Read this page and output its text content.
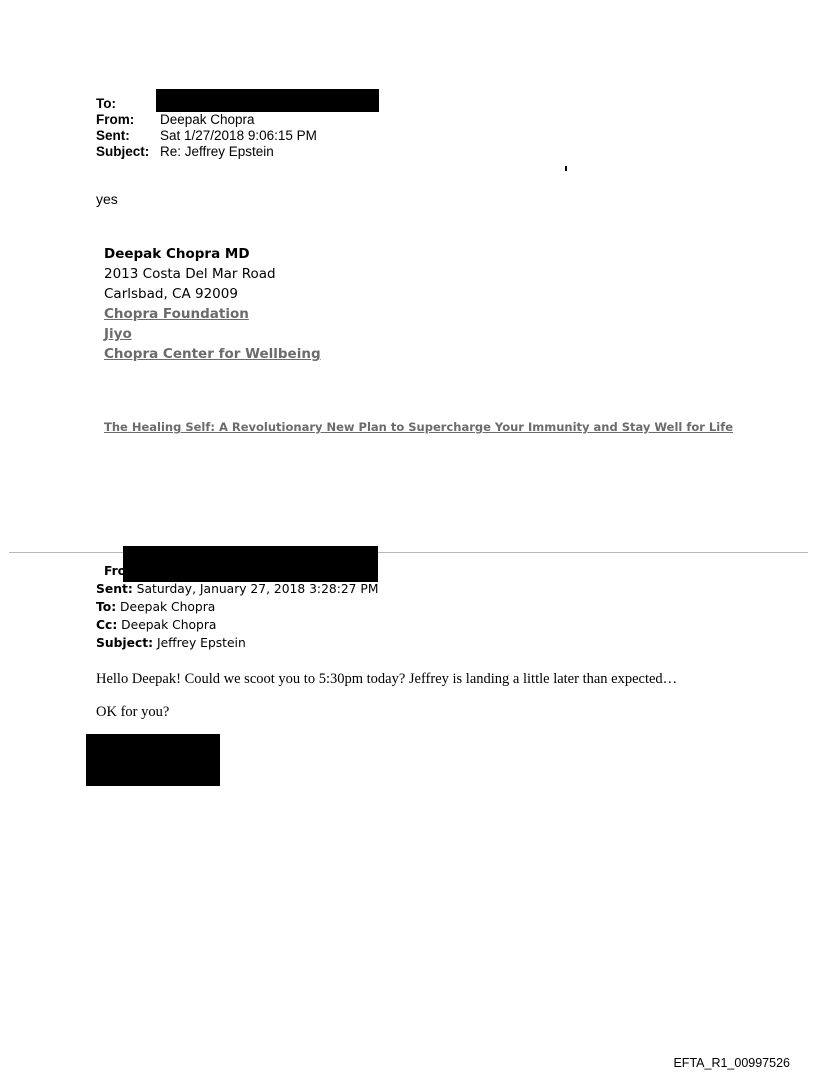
To:
From: Deepak Chopra
Sent: Sat 1/27/2018 9:06:15 PM
Subject: Re: Jeffrey Epstein
yes
Deepak Chopra MD
2013 Costa Del Mar Road
Carlsbad, CA 92009
Chopra Foundation
Jiyo
Chopra Center for Wellbeing
The Healing Self: A Revolutionary New Plan to Supercharge Your Immunity and Stay Well for Life
Fro
Sent: Saturday, January 27, 2018 3:28:27 PM
To: Deepak Chopra
Cc: Deepak Chopra
Subject: Jeffrey Epstein
Hello Deepak! Could we scoot you to 5:30pm today? Jeffrey is landing a little later than expected…
OK for you?
EFTA_R1_00997526
